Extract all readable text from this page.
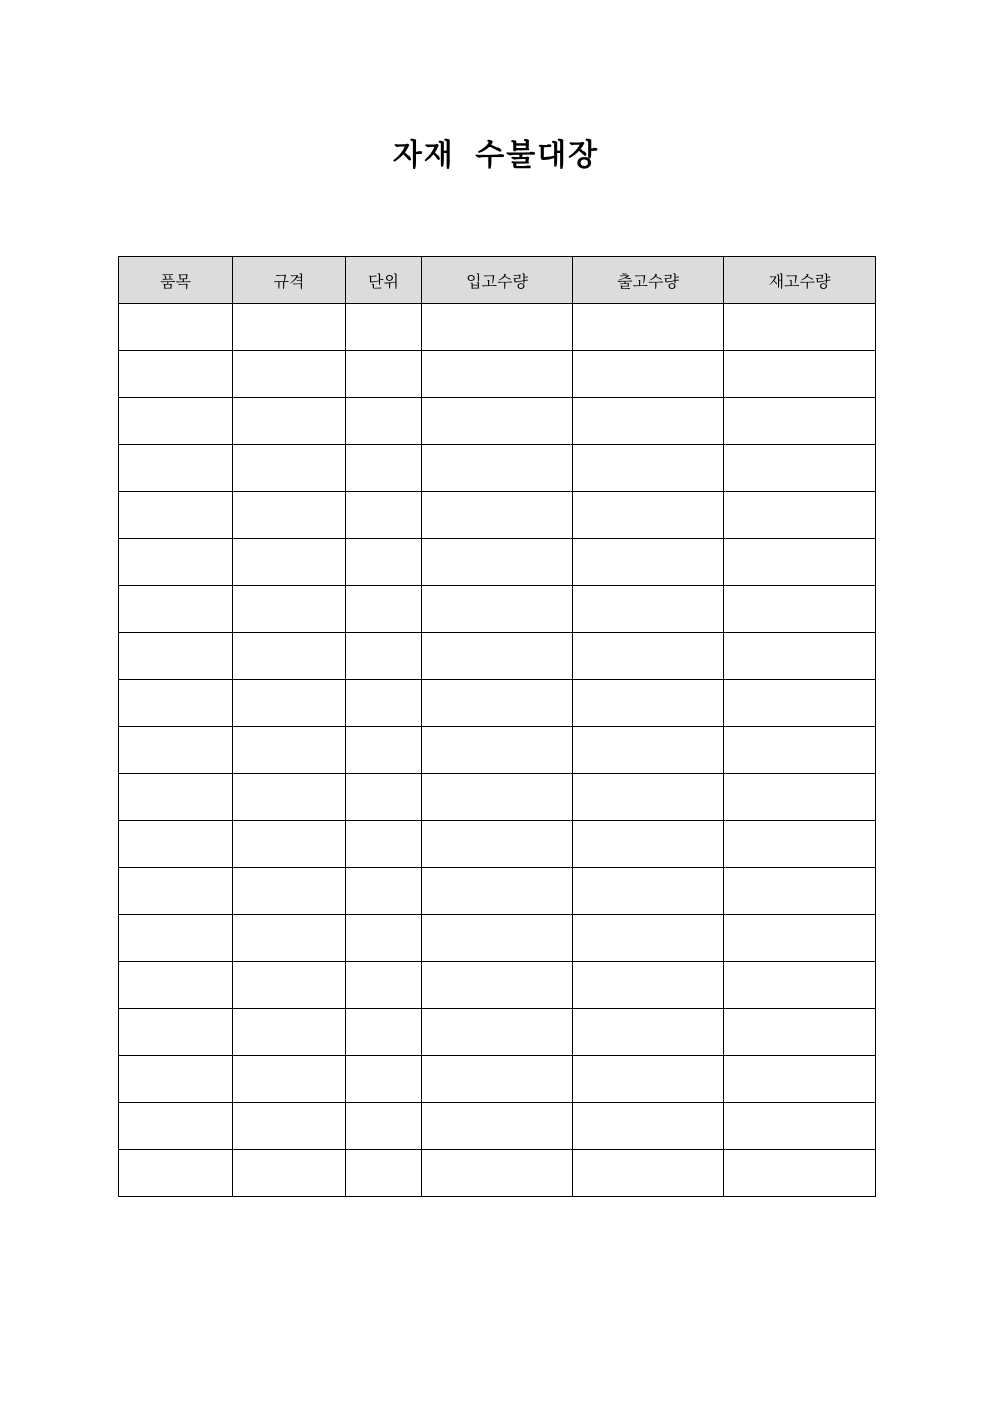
자재 수불대장
품목	규격	단위	입고수량	출고수량	재고수량
